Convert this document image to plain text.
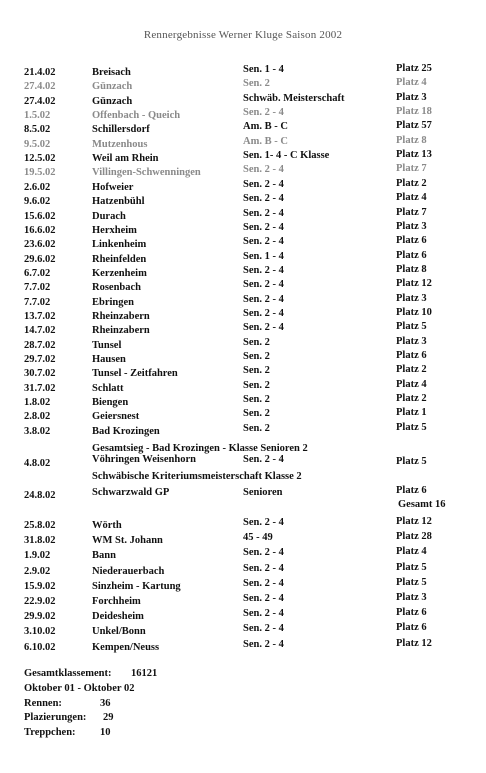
Rennergebnisse Werner Kluge Saison 2002
21.4.02	Breisach	Sen. 1 - 4	Platz 25
27.4.02	Günzach	Sen. 2	Platz 4
27.4.02	Günzach	Schwäb. Meisterschaft	Platz 3
1.5.02	Offenbach - Queich	Sen. 2 - 4	Platz 18
8.5.02	Schillersdorf	Am. B - C	Platz 57
9.5.02	Mutzenhous	Am. B - C	Platz 8
12.5.02	Weil am Rhein	Sen. 1- 4 - C Klasse	Platz 13
19.5.02	Villingen-Schwenningen	Sen. 2 - 4	Platz 7
2.6.02	Hofweier	Sen. 2 - 4	Platz 2
9.6.02	Hatzenbühl	Sen. 2 - 4	Platz 4
15.6.02	Durach	Sen. 2 - 4	Platz 7
16.6.02	Herxheim	Sen. 2 - 4	Platz 3
23.6.02	Linkenheim	Sen. 2 - 4	Platz 6
29.6.02	Rheinfelden	Sen. 1 - 4	Platz 6
6.7.02	Kerzenheim	Sen. 2 - 4	Platz 8
7.7.02	Rosenbach	Sen. 2 - 4	Platz 12
7.7.02	Ebringen	Sen. 2 - 4	Platz 3
13.7.02	Rheinzabern	Sen. 2 - 4	Platz 10
14.7.02	Rheinzabern	Sen. 2 - 4	Platz 5
28.7.02	Tunsel	Sen. 2	Platz 3
29.7.02	Hausen	Sen. 2	Platz 6
30.7.02	Tunsel - Zeitfahren	Sen. 2	Platz 2
31.7.02	Schlatt	Sen. 2	Platz 4
1.8.02	Biengen	Sen. 2	Platz 2
2.8.02	Geiersnest	Sen. 2	Platz 1
3.8.02	Bad Krozingen	Sen. 2	Platz 5
Gesamtsieg - Bad Krozingen - Klasse Senioren 2
4.8.02	Vöhringen Weisenhorn	Sen. 2 - 4	Platz 5
Schwäbische Kriteriumsmeisterschaft Klasse 2
24.8.02	Schwarzwald GP	Senioren	Platz 6
Gesamt 16
25.8.02	Wörth	Sen. 2 - 4	Platz 12
31.8.02	WM St. Johann	45 - 49	Platz 28
1.9.02	Bann	Sen. 2 - 4	Platz 4
2.9.02	Niederauerbach	Sen. 2 - 4	Platz 5
15.9.02	Sinzheim - Kartung	Sen. 2 - 4	Platz 5
22.9.02	Forchheim	Sen. 2 - 4	Platz 3
29.9.02	Deidesheim	Sen. 2 - 4	Platz 6
3.10.02	Unkel/Bonn	Sen. 2 - 4	Platz 6
6.10.02	Kempen/Neuss	Sen. 2 - 4	Platz 12
Gesamtklassement: 16121
Oktober 01 - Oktober 02
Rennen:	36
Plazierungen: 29
Treppchen: 10
